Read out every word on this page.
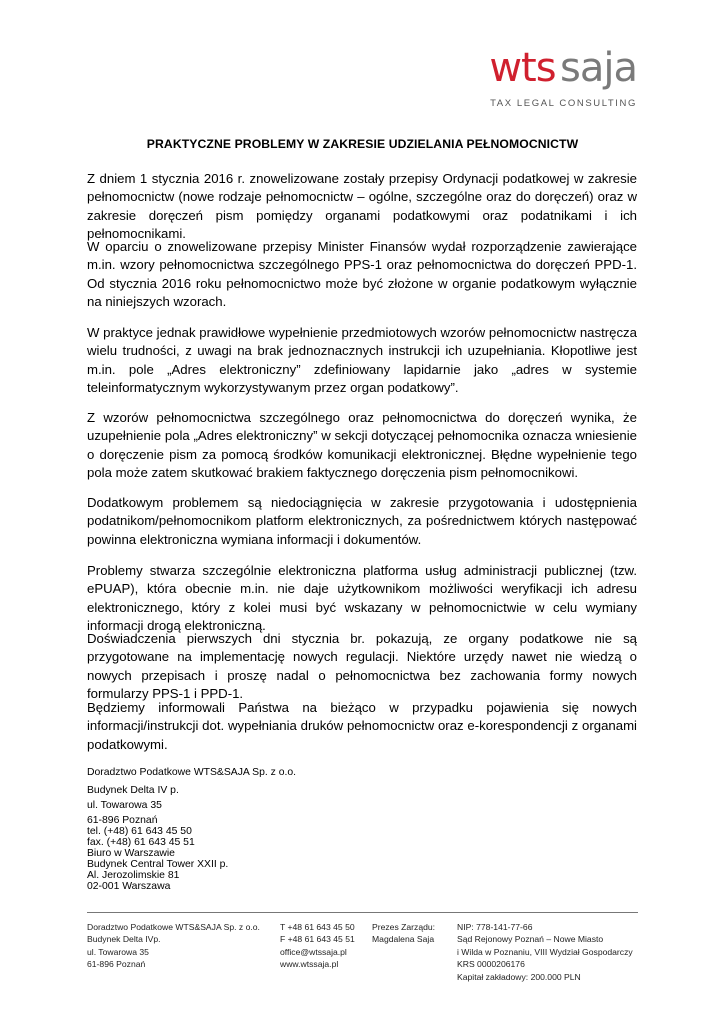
wts saja
TAX LEGAL CONSULTING
PRAKTYCZNE PROBLEMY W ZAKRESIE UDZIELANIA PEŁNOMOCNICTW

Z dniem 1 stycznia 2016 r. znowelizowane zostały przepisy Ordynacji podatkowej w zakresie pełnomocnictw (nowe rodzaje pełnomocnictw – ogólne, szczególne oraz do doręczeń) oraz w zakresie doręczeń pism pomiędzy organami podatkowymi oraz podatnikami i ich pełnomocnikami.

W oparciu o znowelizowane przepisy Minister Finansów wydał rozporządzenie zawierające m.in. wzory pełnomocnictwa szczególnego PPS-1 oraz pełnomocnictwa do doręczeń PPD-1. Od stycznia 2016 roku pełnomocnictwo może być złożone w organie podatkowym wyłącznie na niniejszych wzorach.

W praktyce jednak prawidłowe wypełnienie przedmiotowych wzorów pełnomocnictw nastręcza wielu trudności, z uwagi na brak jednoznacznych instrukcji ich uzupełniania. Kłopotliwe jest m.in. pole „Adres elektroniczny” zdefiniowany lapidarnie jako „adres w systemie teleinformatycznym wykorzystywanym przez organ podatkowy”.

Z wzorów pełnomocnictwa szczególnego oraz pełnomocnictwa do doręczeń wynika, że uzupełnienie pola „Adres elektroniczny” w sekcji dotyczącej pełnomocnika oznacza wniesienie o doręczenie pism za pomocą środków komunikacji elektronicznej. Błędne wypełnienie tego pola może zatem skutkować brakiem faktycznego doręczenia pism pełnomocnikowi.

Dodatkowym problemem są niedociągnięcia w zakresie przygotowania i udostępnienia podatnikom/pełnomocnikom platform elektronicznych, za pośrednictwem których następować powinna elektroniczna wymiana informacji i dokumentów.

Problemy stwarza szczególnie elektroniczna platforma usług administracji publicznej (tzw. ePUAP), która obecnie m.in. nie daje użytkownikom możliwości weryfikacji ich adresu elektronicznego, który z kolei musi być wskazany w pełnomocnictwie w celu wymiany informacji drogą elektroniczną.

Doświadczenia pierwszych dni stycznia br. pokazują, ze organy podatkowe nie są przygotowane na implementację nowych regulacji. Niektóre urzędy nawet nie wiedzą o nowych przepisach i proszę nadal o pełnomocnictwa bez zachowania formy nowych formularzy PPS-1 i PPD-1.

Będziemy informowali Państwa na bieżąco w przypadku pojawienia się nowych informacji/instrukcji dot. wypełniania druków pełnomocnictw oraz e-korespondencji z organami podatkowymi.

Doradztwo Podatkowe WTS&SAJA Sp. z o.o.
Budynek Delta IV p.
ul. Towarowa 35
61-896 Poznań
tel. (+48) 61 643 45 50
fax. (+48) 61 643 45 51
Biuro w Warszawie
Budynek Central Tower XXII p.
Al. Jerozolimskie 81
02-001 Warszawa
Doradztwo Podatkowe WTS&SAJA Sp. z o.o.
Budynek Delta IVp.
ul. Towarowa 35
61-896 Poznań
T +48 61 643 45 50
F +48 61 643 45 51
office@wtssaja.pl
www.wtssaja.pl
Prezes Zarządu:
Magdalena Saja
NIP: 778-141-77-66
Sąd Rejonowy Poznań – Nowe Miasto
i Wilda w Poznaniu, VIII Wydział Gospodarczy
KRS 0000206176
Kapitał zakładowy: 200.000 PLN
